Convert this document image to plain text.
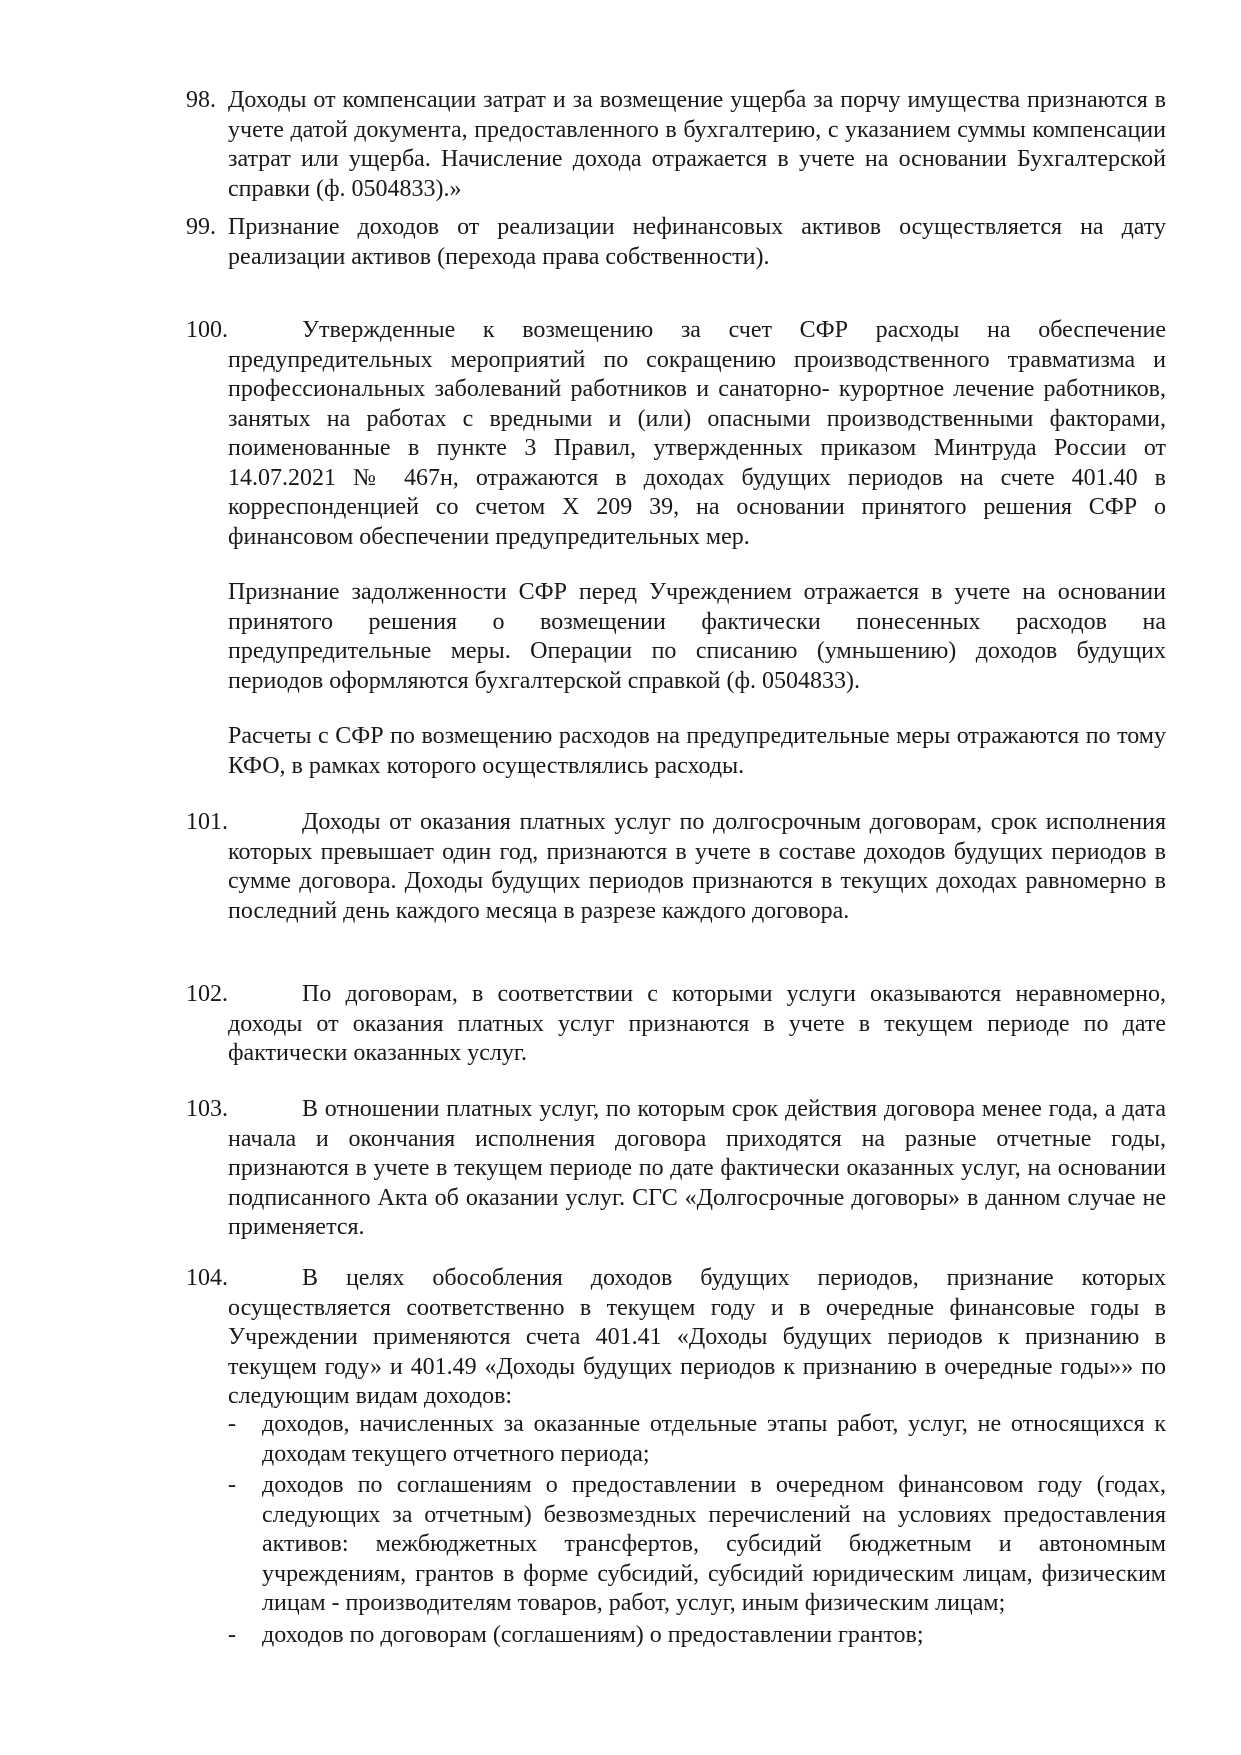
98. Доходы от компенсации затрат и за возмещение ущерба за порчу имущества признаются в учете датой документа, предоставленного в бухгалтерию, с указанием суммы компенсации затрат или ущерба. Начисление дохода отражается в учете на основании Бухгалтерской справки (ф. 0504833).»
99. Признание доходов от реализации нефинансовых активов осуществляется на дату реализации активов (перехода права собственности).
100.	Утвержденные к возмещению за счет СФР расходы на обеспечение предупредительных мероприятий по сокращению производственного травматизма и профессиональных заболеваний работников и санаторно- курортное лечение работников, занятых на работах с вредными и (или) опасными производственными факторами, поименованные в пункте 3 Правил, утвержденных приказом Минтруда России от 14.07.2021 № 467н, отражаются в доходах будущих периодов на счете 401.40 в корреспонденцией со счетом Х 209 39, на основании принятого решения СФР о финансовом обеспечении предупредительных мер.
Признание задолженности СФР перед Учреждением отражается в учете на основании принятого решения о возмещении фактически понесенных расходов на предупредительные меры. Операции по списанию (умньшению) доходов будущих периодов оформляются бухгалтерской справкой (ф. 0504833).
Расчеты с СФР по возмещению расходов на предупредительные меры отражаются по тому КФО, в рамках которого осуществлялись расходы.
101.	Доходы от оказания платных услуг по долгосрочным договорам, срок исполнения которых превышает один год, признаются в учете в составе доходов будущих периодов в сумме договора. Доходы будущих периодов признаются в текущих доходах равномерно в последний день каждого месяца в разрезе каждого договора.
102.	По договорам, в соответствии с которыми услуги оказываются неравномерно, доходы от оказания платных услуг признаются в учете в текущем периоде по дате фактически оказанных услуг.
103.	В отношении платных услуг, по которым срок действия договора менее года, а дата начала и окончания исполнения договора приходятся на разные отчетные годы, признаются в учете в текущем периоде по дате фактически оказанных услуг, на основании подписанного Акта об оказании услуг. СГС «Долгосрочные договоры» в данном случае не применяется.
104.	В целях обособления доходов будущих периодов, признание которых осуществляется соответственно в текущем году и в очередные финансовые годы в Учреждении применяются счета 401.41 «Доходы будущих периодов к признанию в текущем году» и 401.49 «Доходы будущих периодов к признанию в очередные годы»» по следующим видам доходов:
- доходов, начисленных за оказанные отдельные этапы работ, услуг, не относящихся к доходам текущего отчетного периода;
- доходов по соглашениям о предоставлении в очередном финансовом году (годах, следующих за отчетным) безвозмездных перечислений на условиях предоставления активов: межбюджетных трансфертов, субсидий бюджетным и автономным учреждениям, грантов в форме субсидий, субсидий юридическим лицам, физическим лицам - производителям товаров, работ, услуг, иным физическим лицам;
- доходов по договорам (соглашениям) о предоставлении грантов;
